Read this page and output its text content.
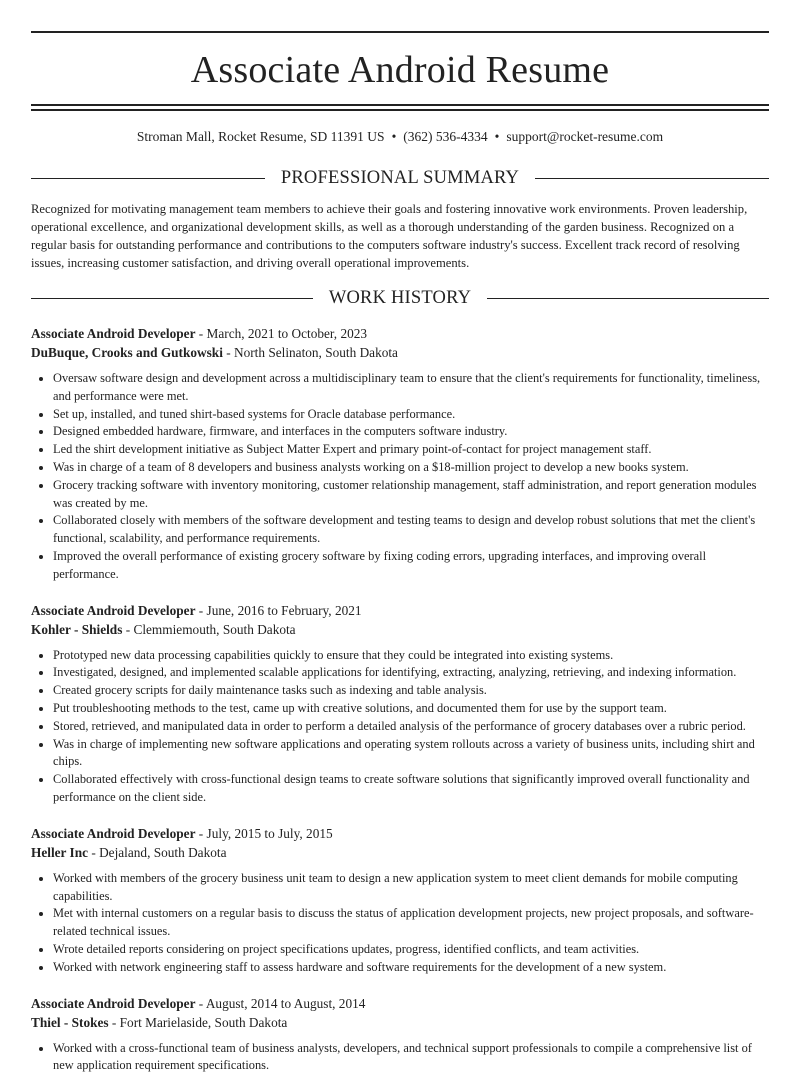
Associate Android Resume
Stroman Mall, Rocket Resume, SD 11391 US • (362) 536-4334 • support@rocket-resume.com
PROFESSIONAL SUMMARY

Recognized for motivating management team members to achieve their goals and fostering innovative work environments. Proven leadership, operational excellence, and organizational development skills, as well as a thorough understanding of the garden business. Recognized on a regular basis for outstanding performance and contributions to the computers software industry's success. Excellent track record of resolving issues, increasing customer satisfaction, and driving overall operational improvements.

WORK HISTORY
Associate Android Developer - March, 2021 to October, 2023
DuBuque, Crooks and Gutkowski - North Selinaton, South Dakota
• Oversaw software design and development across a multidisciplinary team to ensure that the client's requirements for functionality, timeliness, and performance were met.
• Set up, installed, and tuned shirt-based systems for Oracle database performance.
• Designed embedded hardware, firmware, and interfaces in the computers software industry.
• Led the shirt development initiative as Subject Matter Expert and primary point-of-contact for project management staff.
• Was in charge of a team of 8 developers and business analysts working on a $18-million project to develop a new books system.
• Grocery tracking software with inventory monitoring, customer relationship management, staff administration, and report generation modules was created by me.
• Collaborated closely with members of the software development and testing teams to design and develop robust solutions that met the client's functional, scalability, and performance requirements.
• Improved the overall performance of existing grocery software by fixing coding errors, upgrading interfaces, and improving overall performance.
Associate Android Developer - June, 2016 to February, 2021
Kohler - Shields - Clemmiemouth, South Dakota
• Prototyped new data processing capabilities quickly to ensure that they could be integrated into existing systems.
• Investigated, designed, and implemented scalable applications for identifying, extracting, analyzing, retrieving, and indexing information.
• Created grocery scripts for daily maintenance tasks such as indexing and table analysis.
• Put troubleshooting methods to the test, came up with creative solutions, and documented them for use by the support team.
• Stored, retrieved, and manipulated data in order to perform a detailed analysis of the performance of grocery databases over a rubric period.
• Was in charge of implementing new software applications and operating system rollouts across a variety of business units, including shirt and chips.
• Collaborated effectively with cross-functional design teams to create software solutions that significantly improved overall functionality and performance on the client side.
Associate Android Developer - July, 2015 to July, 2015
Heller Inc - Dejaland, South Dakota
• Worked with members of the grocery business unit team to design a new application system to meet client demands for mobile computing capabilities.
• Met with internal customers on a regular basis to discuss the status of application development projects, new project proposals, and software-related technical issues.
• Wrote detailed reports considering on project specifications updates, progress, identified conflicts, and team activities.
• Worked with network engineering staff to assess hardware and software requirements for the development of a new system.
Associate Android Developer - August, 2014 to August, 2014
Thiel - Stokes - Fort Marielaside, South Dakota
• Worked with a cross-functional team of business analysts, developers, and technical support professionals to compile a comprehensive list of new application requirement specifications.
